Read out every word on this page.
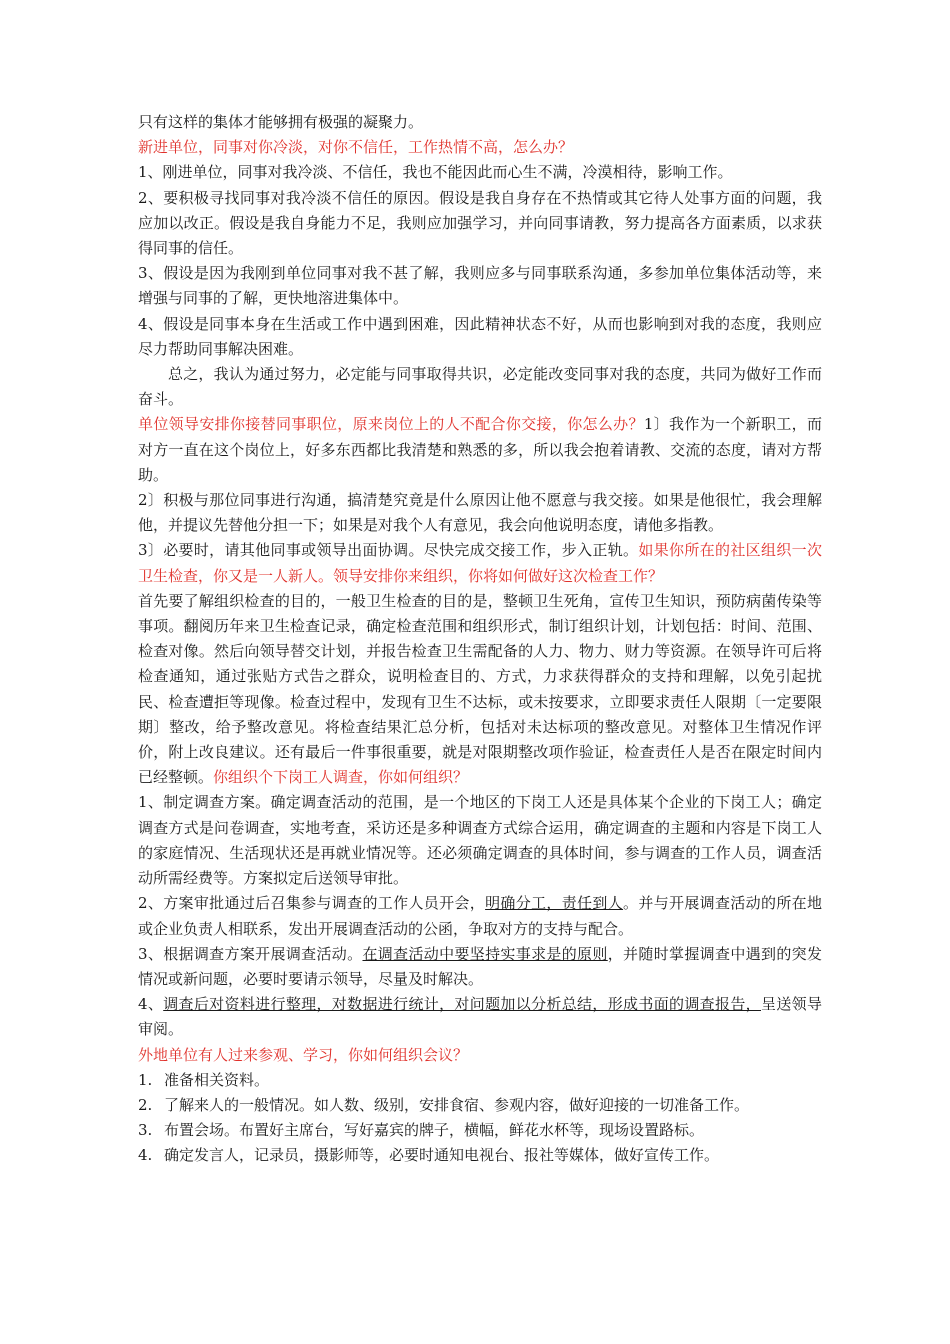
只有这样的集体才能够拥有极强的凝聚力。

新进单位，同事对你冷淡，对你不信任，工作热情不高，怎么办？

1、刚进单位，同事对我冷淡、不信任，我也不能因此而心生不满，冷漠相待，影响工作。

2、要积极寻找同事对我冷淡不信任的原因。假设是我自身存在不热情或其它待人处事方面的问题，我应加以改正。假设是我自身能力不足，我则应加强学习，并向同事请教，努力提高各方面素质，以求获得同事的信任。

3、假设是因为我刚到单位同事对我不甚了解，我则应多与同事联系沟通，多参加单位集体活动等，来增强与同事的了解，更快地溶进集体中。

4、假设是同事本身在生活或工作中遇到困难，因此精神状态不好，从而也影响到对我的态度，我则应尽力帮助同事解决困难。

总之，我认为通过努力，必定能与同事取得共识，必定能改变同事对我的态度，共同为做好工作而奋斗。

单位领导安排你接替同事职位，原来岗位上的人不配合你交接，你怎么办？1〕我作为一个新职工，而对方一直在这个岗位上，好多东西都比我清楚和熟悉的多，所以我会抱着请教、交流的态度，请对方帮助。

2〕积极与那位同事进行沟通，搞清楚究竟是什么原因让他不愿意与我交接。如果是他很忙，我会理解他，并提议先替他分担一下；如果是对我个人有意见，我会向他说明态度，请他多指教。

3〕必要时，请其他同事或领导出面协调。尽快完成交接工作，步入正轨。如果你所在的社区组织一次卫生检查，你又是一人新人。领导安排你来组织，你将如何做好这次检查工作？

首先要了解组织检查的目的，一般卫生检查的目的是，整顿卫生死角，宣传卫生知识，预防病菌传染等事项。翻阅历年来卫生检查记录，确定检查范围和组织形式，制订组织计划，计划包括：时间、范围、检查对像。然后向领导替交计划，并报告检查卫生需配备的人力、物力、财力等资源。在领导许可后将检查通知，通过张贴方式告之群众，说明检查目的、方式，力求获得群众的支持和理解，以免引起扰民、检查遭拒等现像。检查过程中，发现有卫生不达标，或未按要求，立即要求责任人限期〔一定要限期〕整改，给予整改意见。将检查结果汇总分析，包括对未达标项的整改意见。对整体卫生情况作评价，附上改良建议。还有最后一件事很重要，就是对限期整改项作验证，检查责任人是否在限定时间内已经整顿。你组织个下岗工人调查，你如何组织？

1、制定调查方案。确定调查活动的范围，是一个地区的下岗工人还是具体某个企业的下岗工人；确定调查方式是问卷调查，实地考查，采访还是多种调查方式综合运用，确定调查的主题和内容是下岗工人的家庭情况、生活现状还是再就业情况等。还必须确定调查的具体时间，参与调查的工作人员，调查活动所需经费等。方案拟定后送领导审批。

2、方案审批通过后召集参与调查的工作人员开会，明确分工，责任到人。并与开展调查活动的所在地或企业负责人相联系，发出开展调查活动的公函，争取对方的支持与配合。

3、根据调查方案开展调查活动。在调查活动中要坚持实事求是的原则，并随时掌握调查中遇到的突发情况或新问题，必要时要请示领导，尽量及时解决。

4、调查后对资料进行整理，对数据进行统计，对问题加以分析总结，形成书面的调查报告，呈送领导审阅。

外地单位有人过来参观、学习，你如何组织会议？

1. 准备相关资料。

2. 了解来人的一般情况。如人数、级别，安排食宿、参观内容，做好迎接的一切准备工作。

3. 布置会场。布置好主席台，写好嘉宾的牌子，横幅，鲜花水杯等，现场设置路标。

4. 确定发言人，记录员，摄影师等，必要时通知电视台、报社等媒体，做好宣传工作。
